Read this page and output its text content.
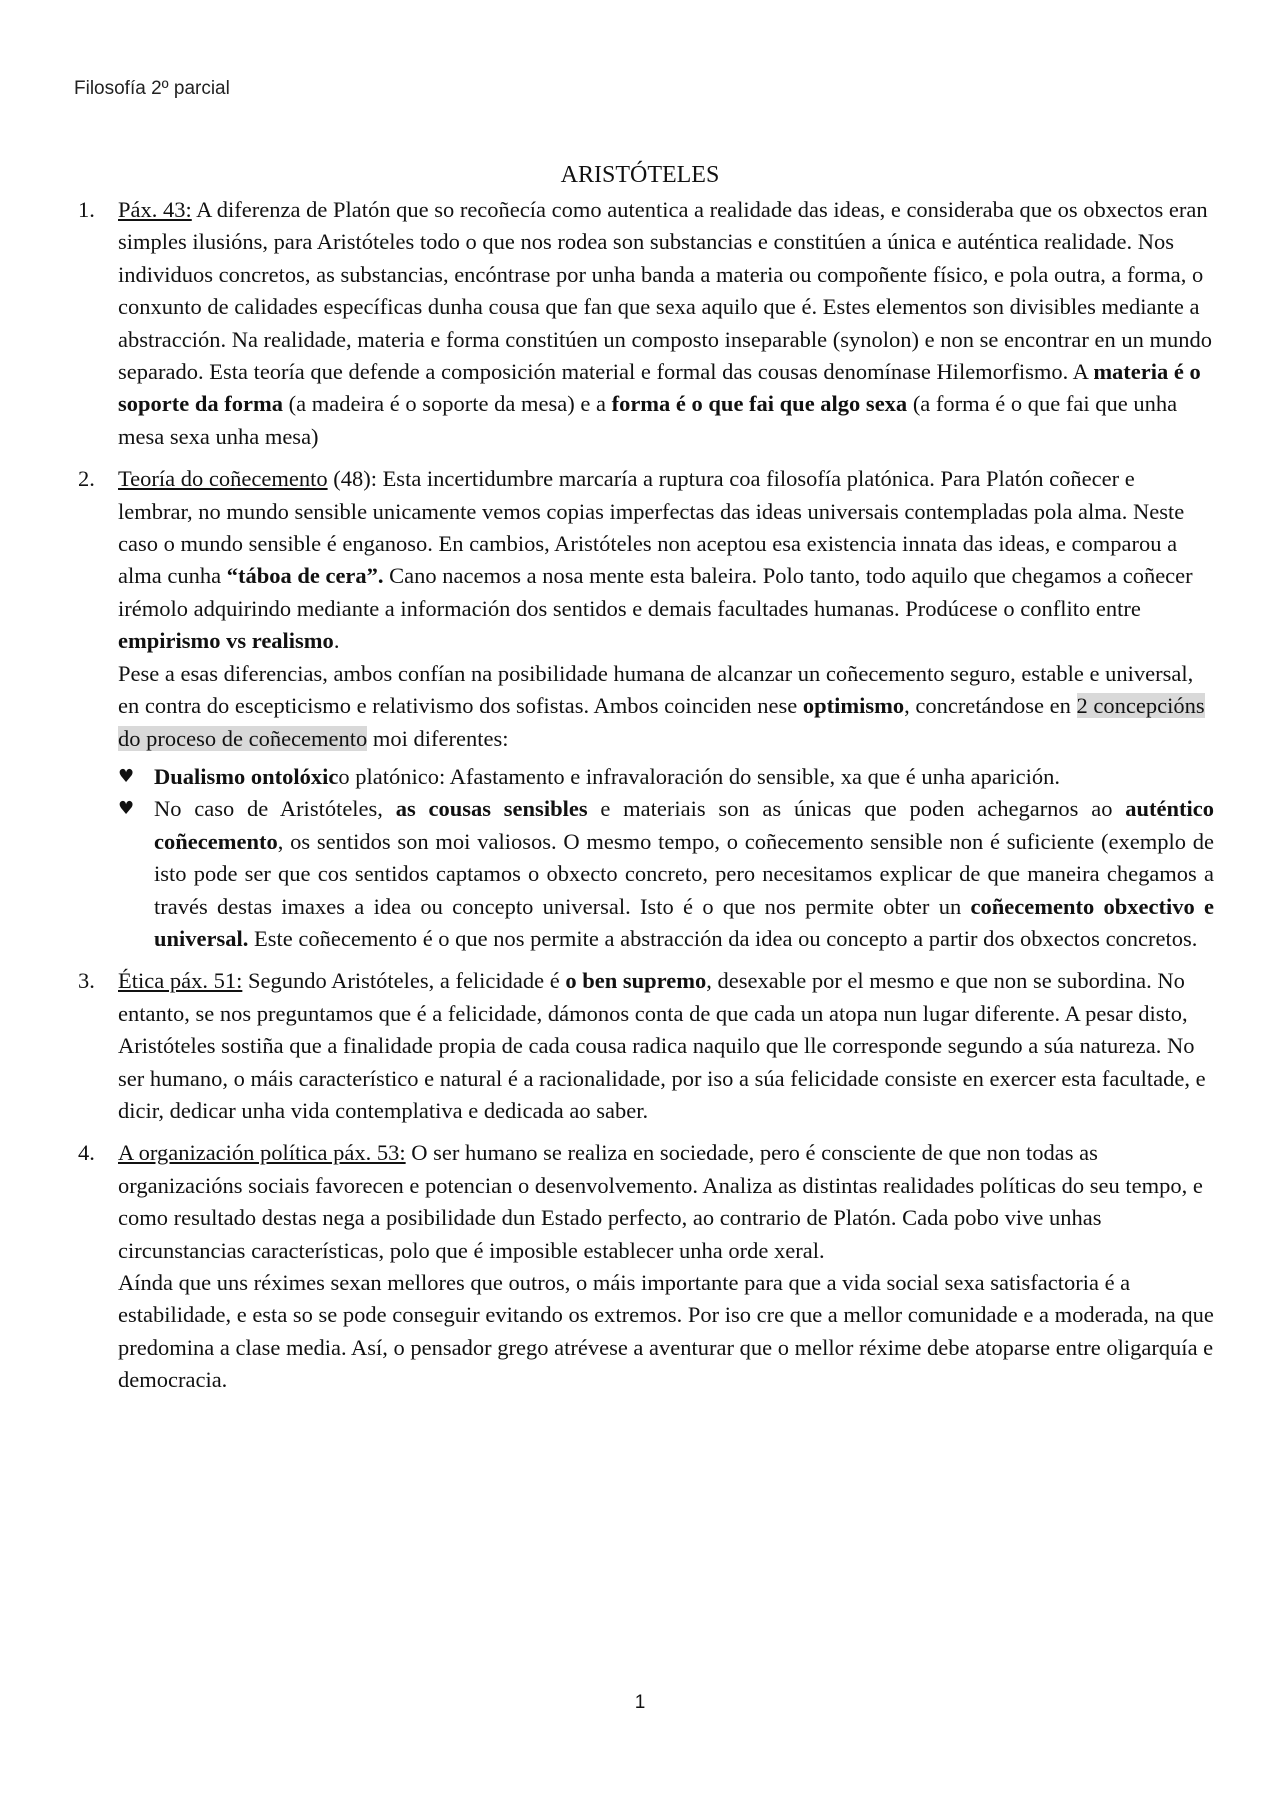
Filosofía 2º parcial
ARISTÓTELES
1. Páx. 43: A diferenza de Platón que so recoñecía como autentica a realidade das ideas, e consideraba que os obxectos eran simples ilusións, para Aristóteles todo o que nos rodea son substancias e constitúen a única e auténtica realidade. Nos individuos concretos, as substancias, encóntrase por unha banda a materia ou compoñente físico, e pola outra, a forma, o conxunto de calidades específicas dunha cousa que fan que sexa aquilo que é. Estes elementos son divisibles mediante a abstracción. Na realidade, materia e forma constitúen un composto inseparable (synolon) e non se encontrar en un mundo separado. Esta teoría que defende a composición material e formal das cousas denomínase Hilemorfismo. A materia é o soporte da forma (a madeira é o soporte da mesa) e a forma é o que fai que algo sexa (a forma é o que fai que unha mesa sexa unha mesa)
2. Teoría do coñecemento (48): Esta incertidumbre marcaría a ruptura coa filosofía platónica. Para Platón coñecer e lembrar, no mundo sensible unicamente vemos copias imperfectas das ideas universais contempladas pola alma. Neste caso o mundo sensible é enganoso. En cambios, Aristóteles non aceptou esa existencia innata das ideas, e comparou a alma cunha “táboa de cera”. Cano nacemos a nosa mente esta baleira. Polo tanto, todo aquilo que chegamos a coñecer irémolo adquirindo mediante a información dos sentidos e demais facultades humanas. Prodúcese o conflito entre empirismo vs realismo.
Pese a esas diferencias, ambos confían na posibilidade humana de alcanzar un coñecemento seguro, estable e universal, en contra do escepticismo e relativismo dos sofistas. Ambos coinciden nese optimismo, concretándose en 2 concepcións do proceso de coñecemento moi diferentes:
♥ Dualismo ontolóxico platónico: Afastamento e infravaloración do sensible, xa que é unha aparición.
♥ No caso de Aristóteles, as cousas sensibles e materiais son as únicas que poden achegarnos ao auténtico coñecemento, os sentidos son moi valiosos. O mesmo tempo, o coñecemento sensible non é suficiente (exemplo de isto pode ser que cos sentidos captamos o obxecto concreto, pero necesitamos explicar de que maneira chegamos a través destas imaxes a idea ou concepto universal. Isto é o que nos permite obter un coñecemento obxectivo e universal. Este coñecemento é o que nos permite a abstracción da idea ou concepto a partir dos obxectos concretos.
3. Ética páx. 51: Segundo Aristóteles, a felicidade é o ben supremo, desexable por el mesmo e que non se subordina. No entanto, se nos preguntamos que é a felicidade, dámonos conta de que cada un atopa nun lugar diferente. A pesar disto, Aristóteles sostiña que a finalidade propia de cada cousa radica naquilo que lle corresponde segundo a súa natureza. No ser humano, o máis característico e natural é a racionalidade, por iso a súa felicidade consiste en exercer esta facultade, e dicir, dedicar unha vida contemplativa e dedicada ao saber.
4. A organización política páx. 53: O ser humano se realiza en sociedade, pero é consciente de que non todas as organizacións sociais favorecen e potencian o desenvolvemento. Analiza as distintas realidades políticas do seu tempo, e como resultado destas nega a posibilidade dun Estado perfecto, ao contrario de Platón. Cada pobo vive unhas circunstancias características, polo que é imposible establecer unha orde xeral.
Aínda que uns réximes sexan mellores que outros, o máis importante para que a vida social sexa satisfactoria é a estabilidade, e esta so se pode conseguir evitando os extremos. Por iso cre que a mellor comunidade e a moderada, na que predomina a clase media. Así, o pensador grego atrévese a aventurar que o mellor réxime debe atoparse entre oligarquía e democracia.
1
